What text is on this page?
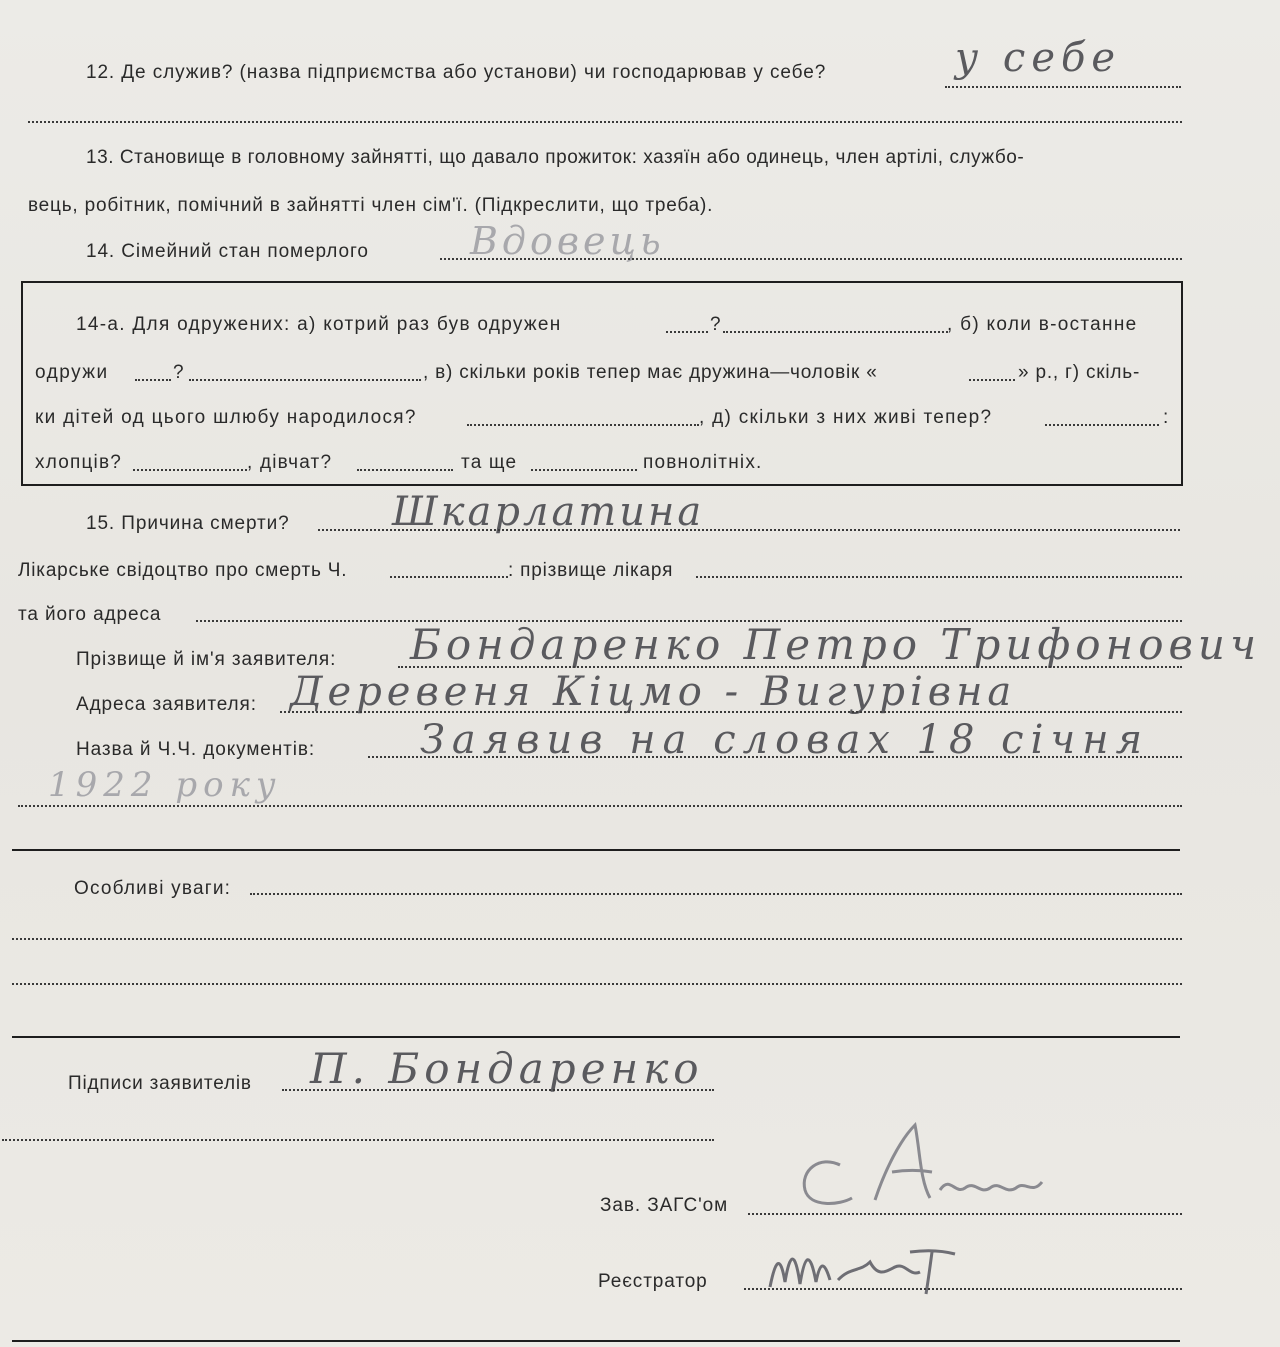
12. Де служив? (назва підприємства або установи) чи господарював у себе?	у себе
13. Становище в головному зайнятті, що давало прожиток: хазяїн або одинець, член артілі, службо-
вець, робітник, помічний в зайнятті член сім'ї. (Підкреслити, що треба).
14. Сімейний стан померлого	Вдовець
14-а. Для одружених: а) котрий раз був одружен	?	, б) коли в-останне
одружи	?	, в) скільки років тепер має дружина—чоловік «	» р., г) скіль-
ки дітей од цього шлюбу народилося?	, д) скільки з них живі тепер?	:
хлопців?	, дівчат?	та ще	повнолітніх.
15. Причина смерти?	Шкарлатина
Лікарське свідоцтво про смерть Ч.	: прізвище лікаря
та його адреса
Прізвище й ім'я заявителя: Бондаренко Петро Трифонович
Адреса заявителя: Деревеня Кіцмо - Вигурівна
Назва й Ч.Ч. документів:	Заявив на словах 18 січня
1922 року
Особливі уваги:
Підписи заявителів П. Бондаренко
Зав. ЗАГС'ом
Реєстратор
